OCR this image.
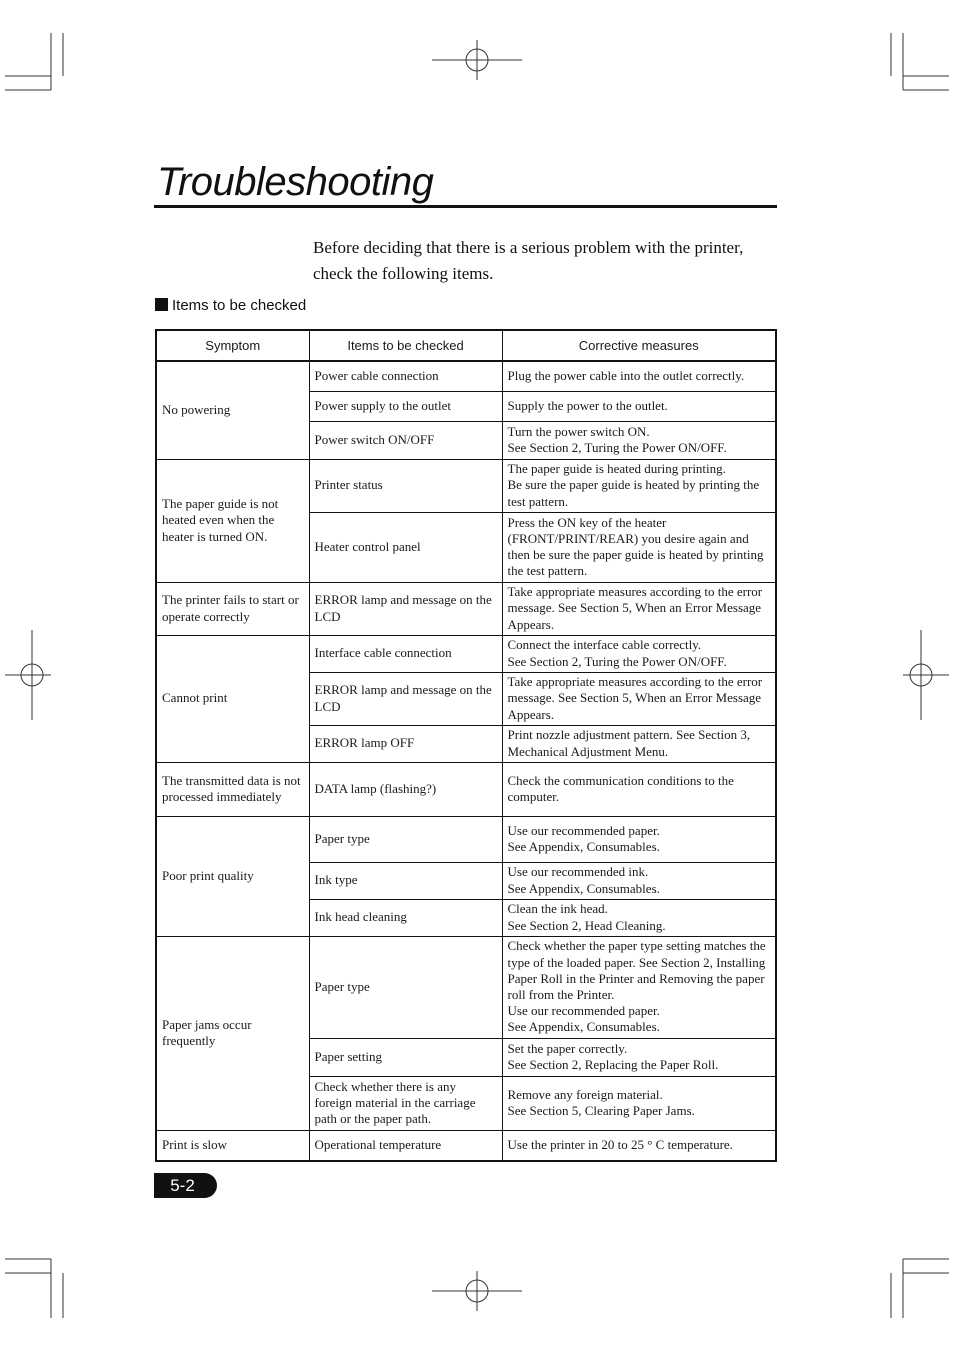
Troubleshooting

Before deciding that there is a serious problem with the printer, check the following items.

Items to be checked
Symptom	Items to be checked	Corrective measures
No powering	Power cable connection	Plug the power cable into the outlet correctly.
	Power supply to the outlet	Supply the power to the outlet.
	Power switch ON/OFF	Turn the power switch ON.
See Section 2, Turing the Power ON/OFF.
The paper guide is not heated even when the heater is turned ON.	Printer status	The paper guide is heated during printing.
Be sure the paper guide is heated by printing the test pattern.
	Heater control panel	Press the ON key of the heater (FRONT/PRINT/REAR) you desire again and then be sure the paper guide is heated by printing the test pattern.
The printer fails to start or operate correctly	ERROR lamp and message on the LCD	Take appropriate measures according to the error message. See Section 5, When an Error Message Appears.
Cannot print	Interface cable connection	Connect the interface cable correctly.
See Section 2, Turing the Power ON/OFF.
	ERROR lamp and message on the LCD	Take appropriate measures according to the error message. See Section 5, When an Error Message Appears.
	ERROR lamp OFF	Print nozzle adjustment pattern. See Section 3, Mechanical Adjustment Menu.
The transmitted data is not processed immediately	DATA lamp (flashing?)	Check the communication conditions to the computer.
Poor print quality	Paper type	Use our recommended paper.
See Appendix, Consumables.
	Ink type	Use our recommended ink.
See Appendix, Consumables.
	Ink head cleaning	Clean the ink head.
See Section 2, Head Cleaning.
Paper jams occur frequently	Paper type	Check whether the paper type setting matches the type of the loaded paper. See Section 2, Installing Paper Roll in the Printer and Removing the paper roll from the Printer.
Use our recommended paper.
See Appendix, Consumables.
	Paper setting	Set the paper correctly.
See Section 2, Replacing the Paper Roll.
	Check whether there is any foreign material in the carriage path or the paper path.	Remove any foreign material.
See Section 5, Clearing Paper Jams.
Print is slow	Operational temperature	Use the printer in 20 to 25 ° C temperature.
5-2
